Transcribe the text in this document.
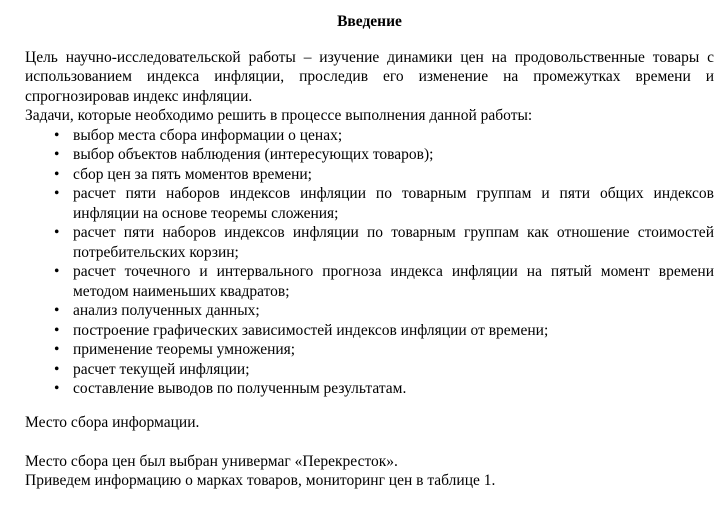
Введение

Цель научно-исследовательской работы – изучение динамики цен на продовольственные товары с использованием индекса инфляции, проследив его изменение на промежутках времени и спрогнозировав индекс инфляции.

Задачи, которые необходимо решить в процессе выполнения данной работы:

• выбор места сбора информации о ценах;
• выбор объектов наблюдения (интересующих товаров);
• сбор цен за пять моментов времени;
• расчет пяти наборов индексов инфляции по товарным группам и пяти общих индексов инфляции на основе теоремы сложения;
• расчет пяти наборов индексов инфляции по товарным группам как отношение стоимостей потребительских корзин;
• расчет точечного и интервального прогноза индекса инфляции на пятый момент времени методом наименьших квадратов;
• анализ полученных данных;
• построение графических зависимостей индексов инфляции от времени;
• применение теоремы умножения;
• расчет текущей инфляции;
• составление выводов по полученным результатам.

Место сбора информации.

Место сбора цен был выбран универмаг «Перекресток».

Приведем информацию о марках товаров, мониторинг цен в таблице 1.
